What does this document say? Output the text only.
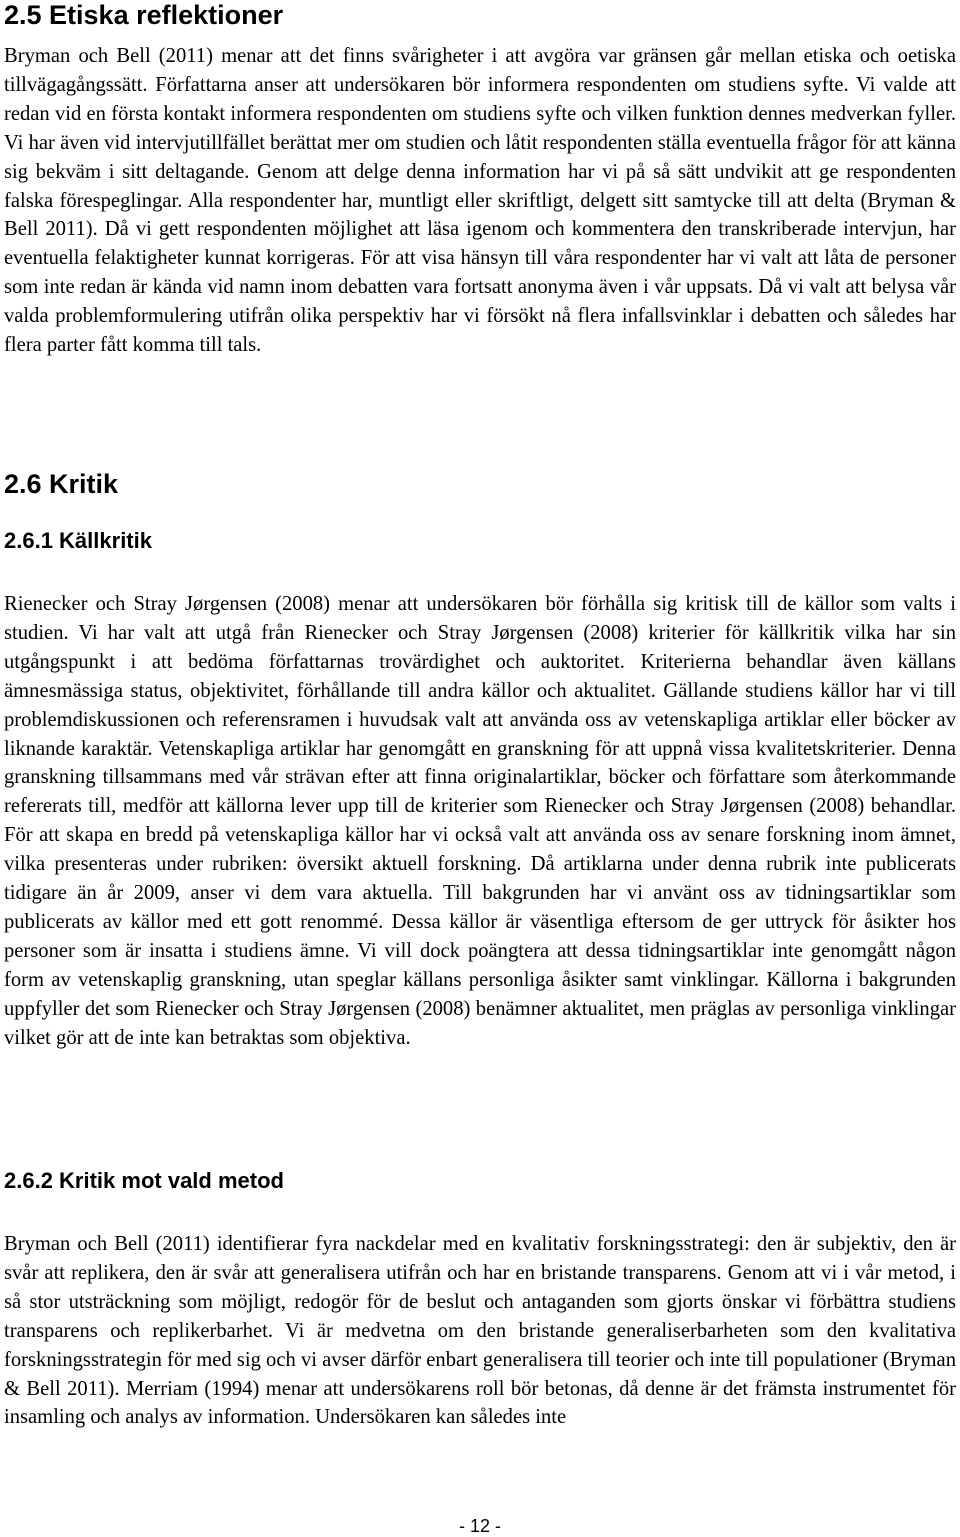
2.5 Etiska reflektioner

Bryman och Bell (2011) menar att det finns svårigheter i att avgöra var gränsen går mellan etiska och oetiska tillvägagångssätt. Författarna anser att undersökaren bör informera respondenten om studiens syfte. Vi valde att redan vid en första kontakt informera respondenten om studiens syfte och vilken funktion dennes medverkan fyller. Vi har även vid intervjutillfället berättat mer om studien och låtit respondenten ställa eventuella frågor för att känna sig bekväm i sitt deltagande. Genom att delge denna information har vi på så sätt undvikit att ge respondenten falska förespeglingar. Alla respondenter har, muntligt eller skriftligt, delgett sitt samtycke till att delta (Bryman & Bell 2011). Då vi gett respondenten möjlighet att läsa igenom och kommentera den transkriberade intervjun, har eventuella felaktigheter kunnat korrigeras. För att visa hänsyn till våra respondenter har vi valt att låta de personer som inte redan är kända vid namn inom debatten vara fortsatt anonyma även i vår uppsats. Då vi valt att belysa vår valda problemformulering utifrån olika perspektiv har vi försökt nå flera infallsvinklar i debatten och således har flera parter fått komma till tals.

2.6 Kritik
2.6.1 Källkritik

Rienecker och Stray Jørgensen (2008) menar att undersökaren bör förhålla sig kritisk till de källor som valts i studien. Vi har valt att utgå från Rienecker och Stray Jørgensen (2008) kriterier för källkritik vilka har sin utgångspunkt i att bedöma författarnas trovärdighet och auktoritet. Kriterierna behandlar även källans ämnesmässiga status, objektivitet, förhållande till andra källor och aktualitet. Gällande studiens källor har vi till problemdiskussionen och referensramen i huvudsak valt att använda oss av vetenskapliga artiklar eller böcker av liknande karaktär. Vetenskapliga artiklar har genomgått en granskning för att uppnå vissa kvalitetskriterier. Denna granskning tillsammans med vår strävan efter att finna originalartiklar, böcker och författare som återkommande refererats till, medför att källorna lever upp till de kriterier som Rienecker och Stray Jørgensen (2008) behandlar. För att skapa en bredd på vetenskapliga källor har vi också valt att använda oss av senare forskning inom ämnet, vilka presenteras under rubriken: översikt aktuell forskning. Då artiklarna under denna rubrik inte publicerats tidigare än år 2009, anser vi dem vara aktuella. Till bakgrunden har vi använt oss av tidningsartiklar som publicerats av källor med ett gott renommé. Dessa källor är väsentliga eftersom de ger uttryck för åsikter hos personer som är insatta i studiens ämne. Vi vill dock poängtera att dessa tidningsartiklar inte genomgått någon form av vetenskaplig granskning, utan speglar källans personliga åsikter samt vinklingar. Källorna i bakgrunden uppfyller det som Rienecker och Stray Jørgensen (2008) benämner aktualitet, men präglas av personliga vinklingar vilket gör att de inte kan betraktas som objektiva.

2.6.2 Kritik mot vald metod

Bryman och Bell (2011) identifierar fyra nackdelar med en kvalitativ forskningsstrategi: den är subjektiv, den är svår att replikera, den är svår att generalisera utifrån och har en bristande transparens. Genom att vi i vår metod, i så stor utsträckning som möjligt, redogör för de beslut och antaganden som gjorts önskar vi förbättra studiens transparens och replikerbarhet. Vi är medvetna om den bristande generaliserbarheten som den kvalitativa forskningsstrategin för med sig och vi avser därför enbart generalisera till teorier och inte till populationer (Bryman & Bell 2011). Merriam (1994) menar att undersökarens roll bör betonas, då denne är det främsta instrumentet för insamling och analys av information. Undersökaren kan således inte

- 12 -
